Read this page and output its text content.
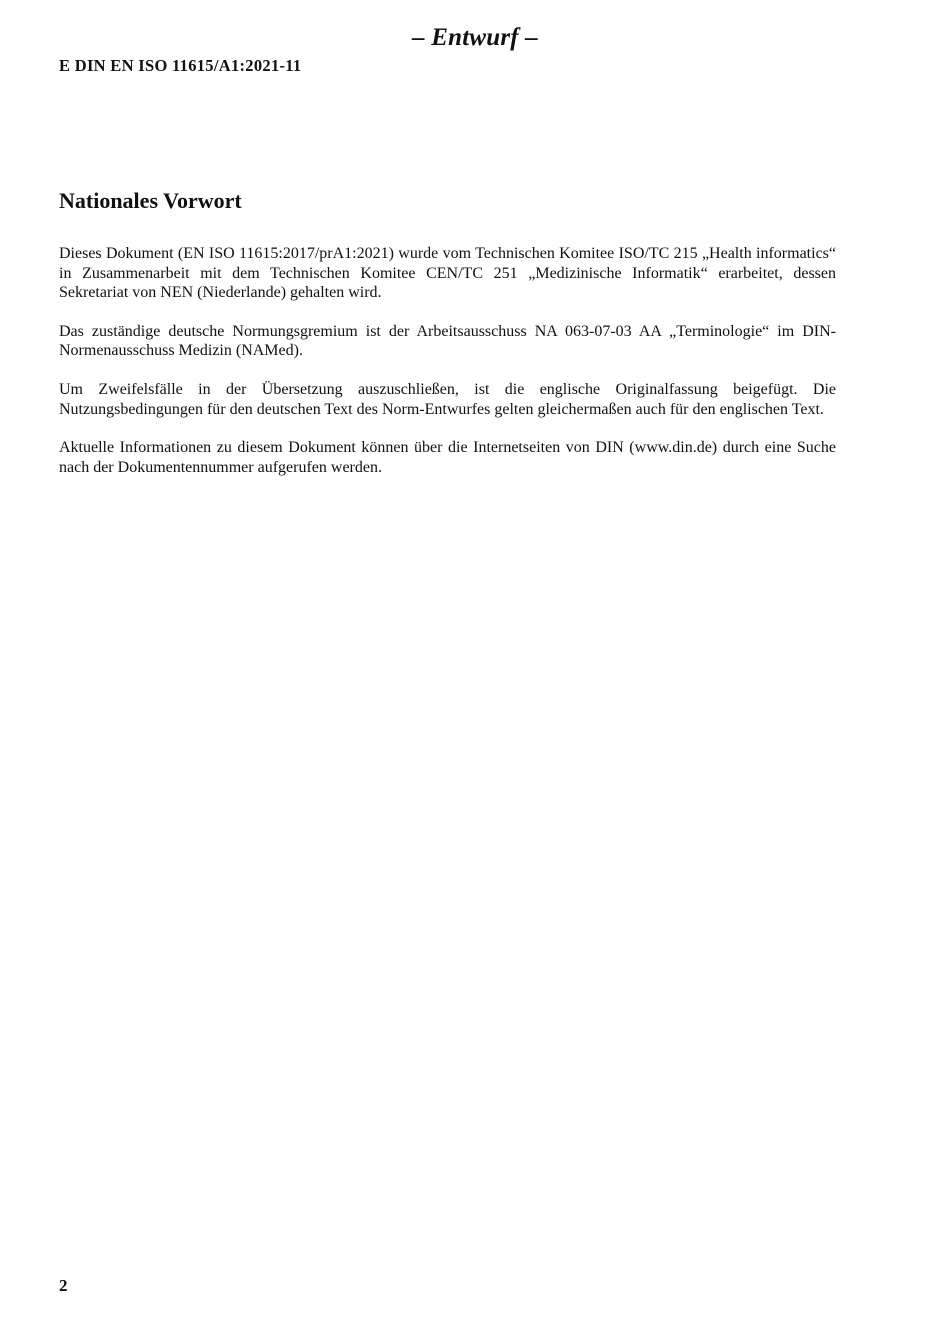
– Entwurf –

E DIN EN ISO 11615/A1:2021-11

Nationales Vorwort

Dieses Dokument (EN ISO 11615:2017/prA1:2021) wurde vom Technischen Komitee ISO/TC 215 „Health informatics“ in Zusammenarbeit mit dem Technischen Komitee CEN/TC 251 „Medizinische Informatik“ erarbeitet, dessen Sekretariat von NEN (Niederlande) gehalten wird.

Das zuständige deutsche Normungsgremium ist der Arbeitsausschuss NA 063-07-03 AA „Terminologie“ im DIN-Normenausschuss Medizin (NAMed).

Um Zweifelsfälle in der Übersetzung auszuschließen, ist die englische Originalfassung beigefügt. Die Nutzungsbedingungen für den deutschen Text des Norm-Entwurfes gelten gleichermaßen auch für den englischen Text.

Aktuelle Informationen zu diesem Dokument können über die Internetseiten von DIN (www.din.de) durch eine Suche nach der Dokumentennummer aufgerufen werden.

2
